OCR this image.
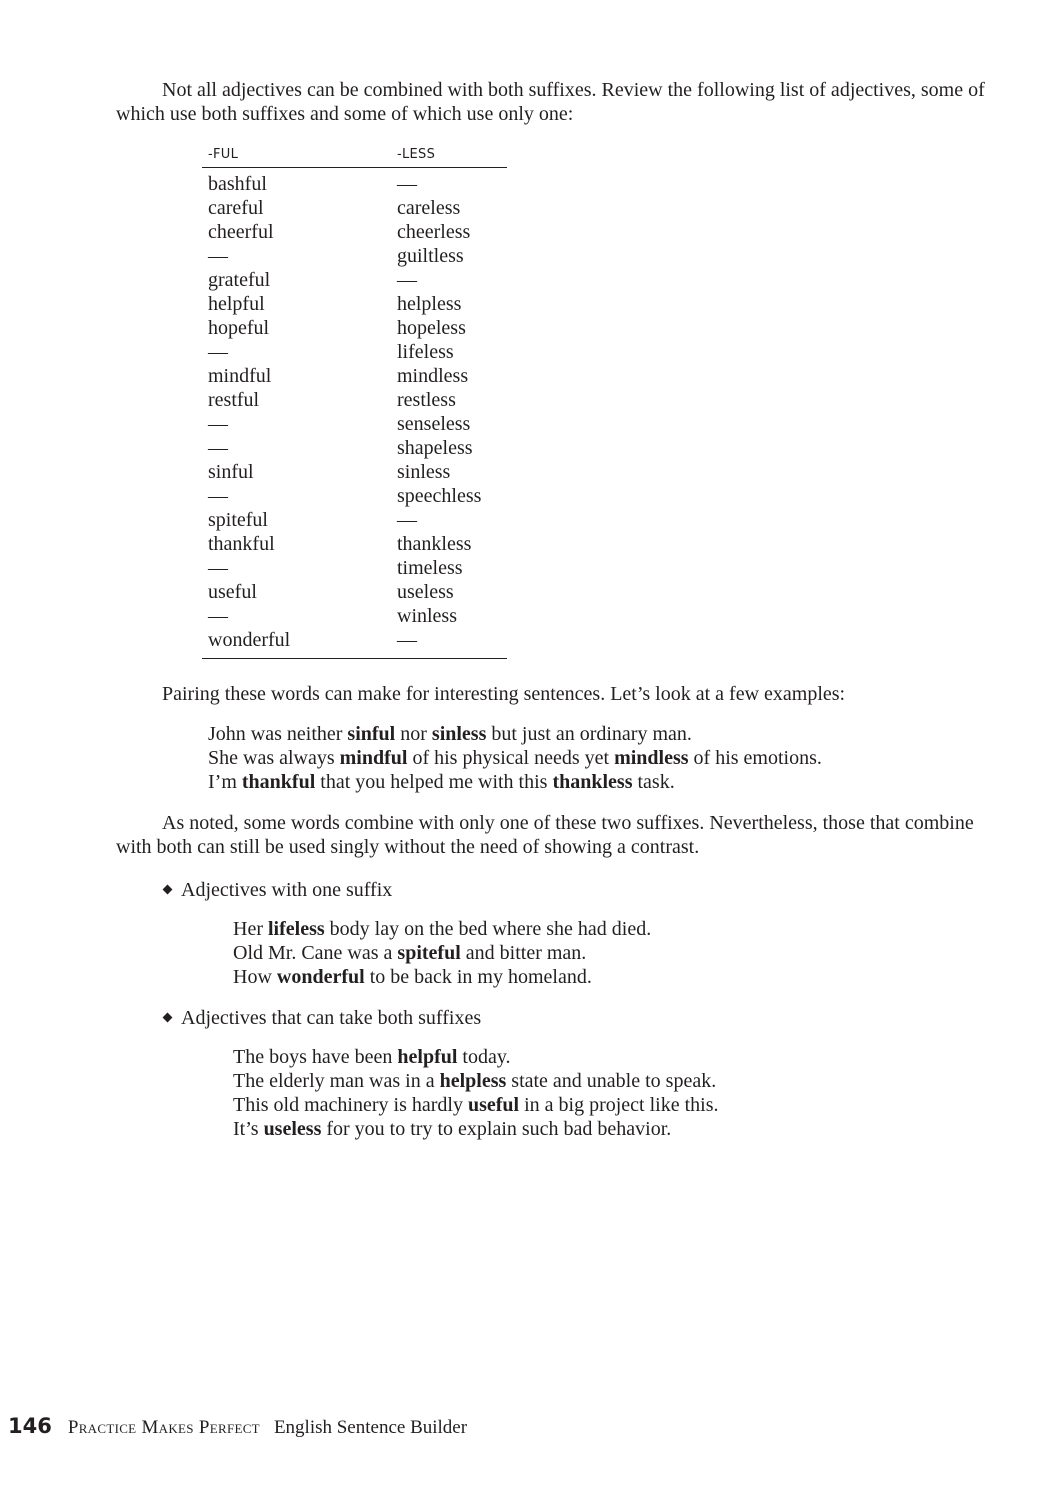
Not all adjectives can be combined with both suffixes. Review the following list of adjectives, some of which use both suffixes and some of which use only one:

-FUL	-LESS
bashful	—
careful	careless
cheerful	cheerless
—	guiltless
grateful	—
helpful	helpless
hopeful	hopeless
—	lifeless
mindful	mindless
restful	restless
—	senseless
—	shapeless
sinful	sinless
—	speechless
spiteful	—
thankful	thankless
—	timeless
useful	useless
—	winless
wonderful	—

Pairing these words can make for interesting sentences. Let’s look at a few examples:

John was neither sinful nor sinless but just an ordinary man.
She was always mindful of his physical needs yet mindless of his emotions.
I’m thankful that you helped me with this thankless task.

As noted, some words combine with only one of these two suffixes. Nevertheless, those that combine with both can still be used singly without the need of showing a contrast.

Adjectives with one suffix
Her lifeless body lay on the bed where she had died.
Old Mr. Cane was a spiteful and bitter man.
How wonderful to be back in my homeland.
Adjectives that can take both suffixes
The boys have been helpful today.
The elderly man was in a helpless state and unable to speak.
This old machinery is hardly useful in a big project like this.
It’s useless for you to try to explain such bad behavior.
146 Practice Makes Perfect English Sentence Builder
